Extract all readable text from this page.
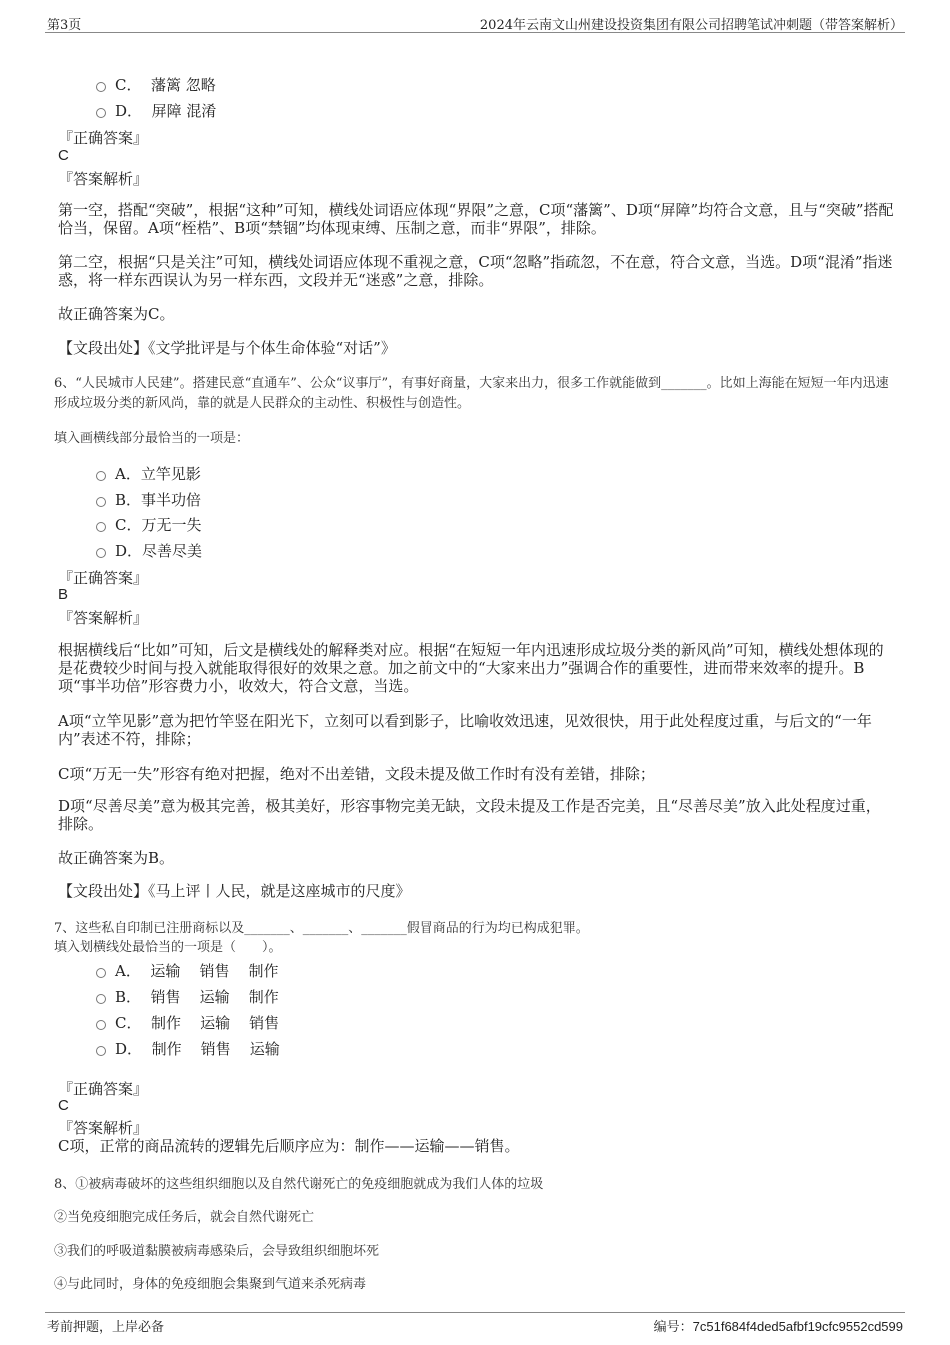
第3页	2024年云南文山州建设投资集团有限公司招聘笔试冲刺题（带答案解析）
C．  藩篱 忽略
D．  屏障 混淆
『正确答案』
C
『答案解析』
第一空，搭配“突破”，根据“这种”可知，横线处词语应体现“界限”之意，C项“藩篱”、D项“屏障”均符合文意，且与“突破”搭配恰当，保留。A项“桎梏”、B项“禁锢”均体现束缚、压制之意，而非“界限”，排除。
第二空，根据“只是关注”可知，横线处词语应体现不重视之意，C项“忽略”指疏忽，不在意，符合文意，当选。D项“混淆”指迷惑，将一样东西误认为另一样东西，文段并无“迷惑”之意，排除。
故正确答案为C。
【文段出处】《文学批评是与个体生命体验“对话”》
6、“人民城市人民建”。搭建民意“直通车”、公众“议事厅”，有事好商量，大家来出力，很多工作就能做到_______。比如上海能在短短一年内迅速形成垃圾分类的新风尚，靠的就是人民群众的主动性、积极性与创造性。
填入画横线部分最恰当的一项是：
A．立竿见影
B．事半功倍
C．万无一失
D．尽善尽美
『正确答案』
B
『答案解析』
根据横线后“比如”可知，后文是横线处的解释类对应。根据“在短短一年内迅速形成垃圾分类的新风尚”可知，横线处想体现的是花费较少时间与投入就能取得很好的效果之意。加之前文中的“大家来出力”强调合作的重要性，进而带来效率的提升。B项“事半功倍”形容费力小，收效大，符合文意，当选。
A项“立竿见影”意为把竹竿竖在阳光下，立刻可以看到影子，比喻收效迅速，见效很快，用于此处程度过重，与后文的“一年内”表述不符，排除；
C项“万无一失”形容有绝对把握，绝对不出差错，文段未提及做工作时有没有差错，排除；
D项“尽善尽美”意为极其完善，极其美好，形容事物完美无缺，文段未提及工作是否完美，且“尽善尽美”放入此处程度过重，排除。
故正确答案为B。
【文段出处】《马上评丨人民，就是这座城市的尺度》
7、这些私自印制已注册商标以及_______、_______、_______假冒商品的行为均已构成犯罪。
填入划横线处最恰当的一项是（　　）。
A．  运输    销售    制作
B．  销售    运输    制作
C．  制作    运输    销售
D．  制作    销售    运输
『正确答案』
C
『答案解析』
C项，正常的商品流转的逻辑先后顺序应为：制作——运输——销售。
8、①被病毒破坏的这些组织细胞以及自然代谢死亡的免疫细胞就成为我们人体的垃圾
②当免疫细胞完成任务后，就会自然代谢死亡
③我们的呼吸道黏膜被病毒感染后，会导致组织细胞坏死
④与此同时，身体的免疫细胞会集聚到气道来杀死病毒
考前押题，上岸必备	编号：7c51f684f4ded5afbf19cfc9552cd599
